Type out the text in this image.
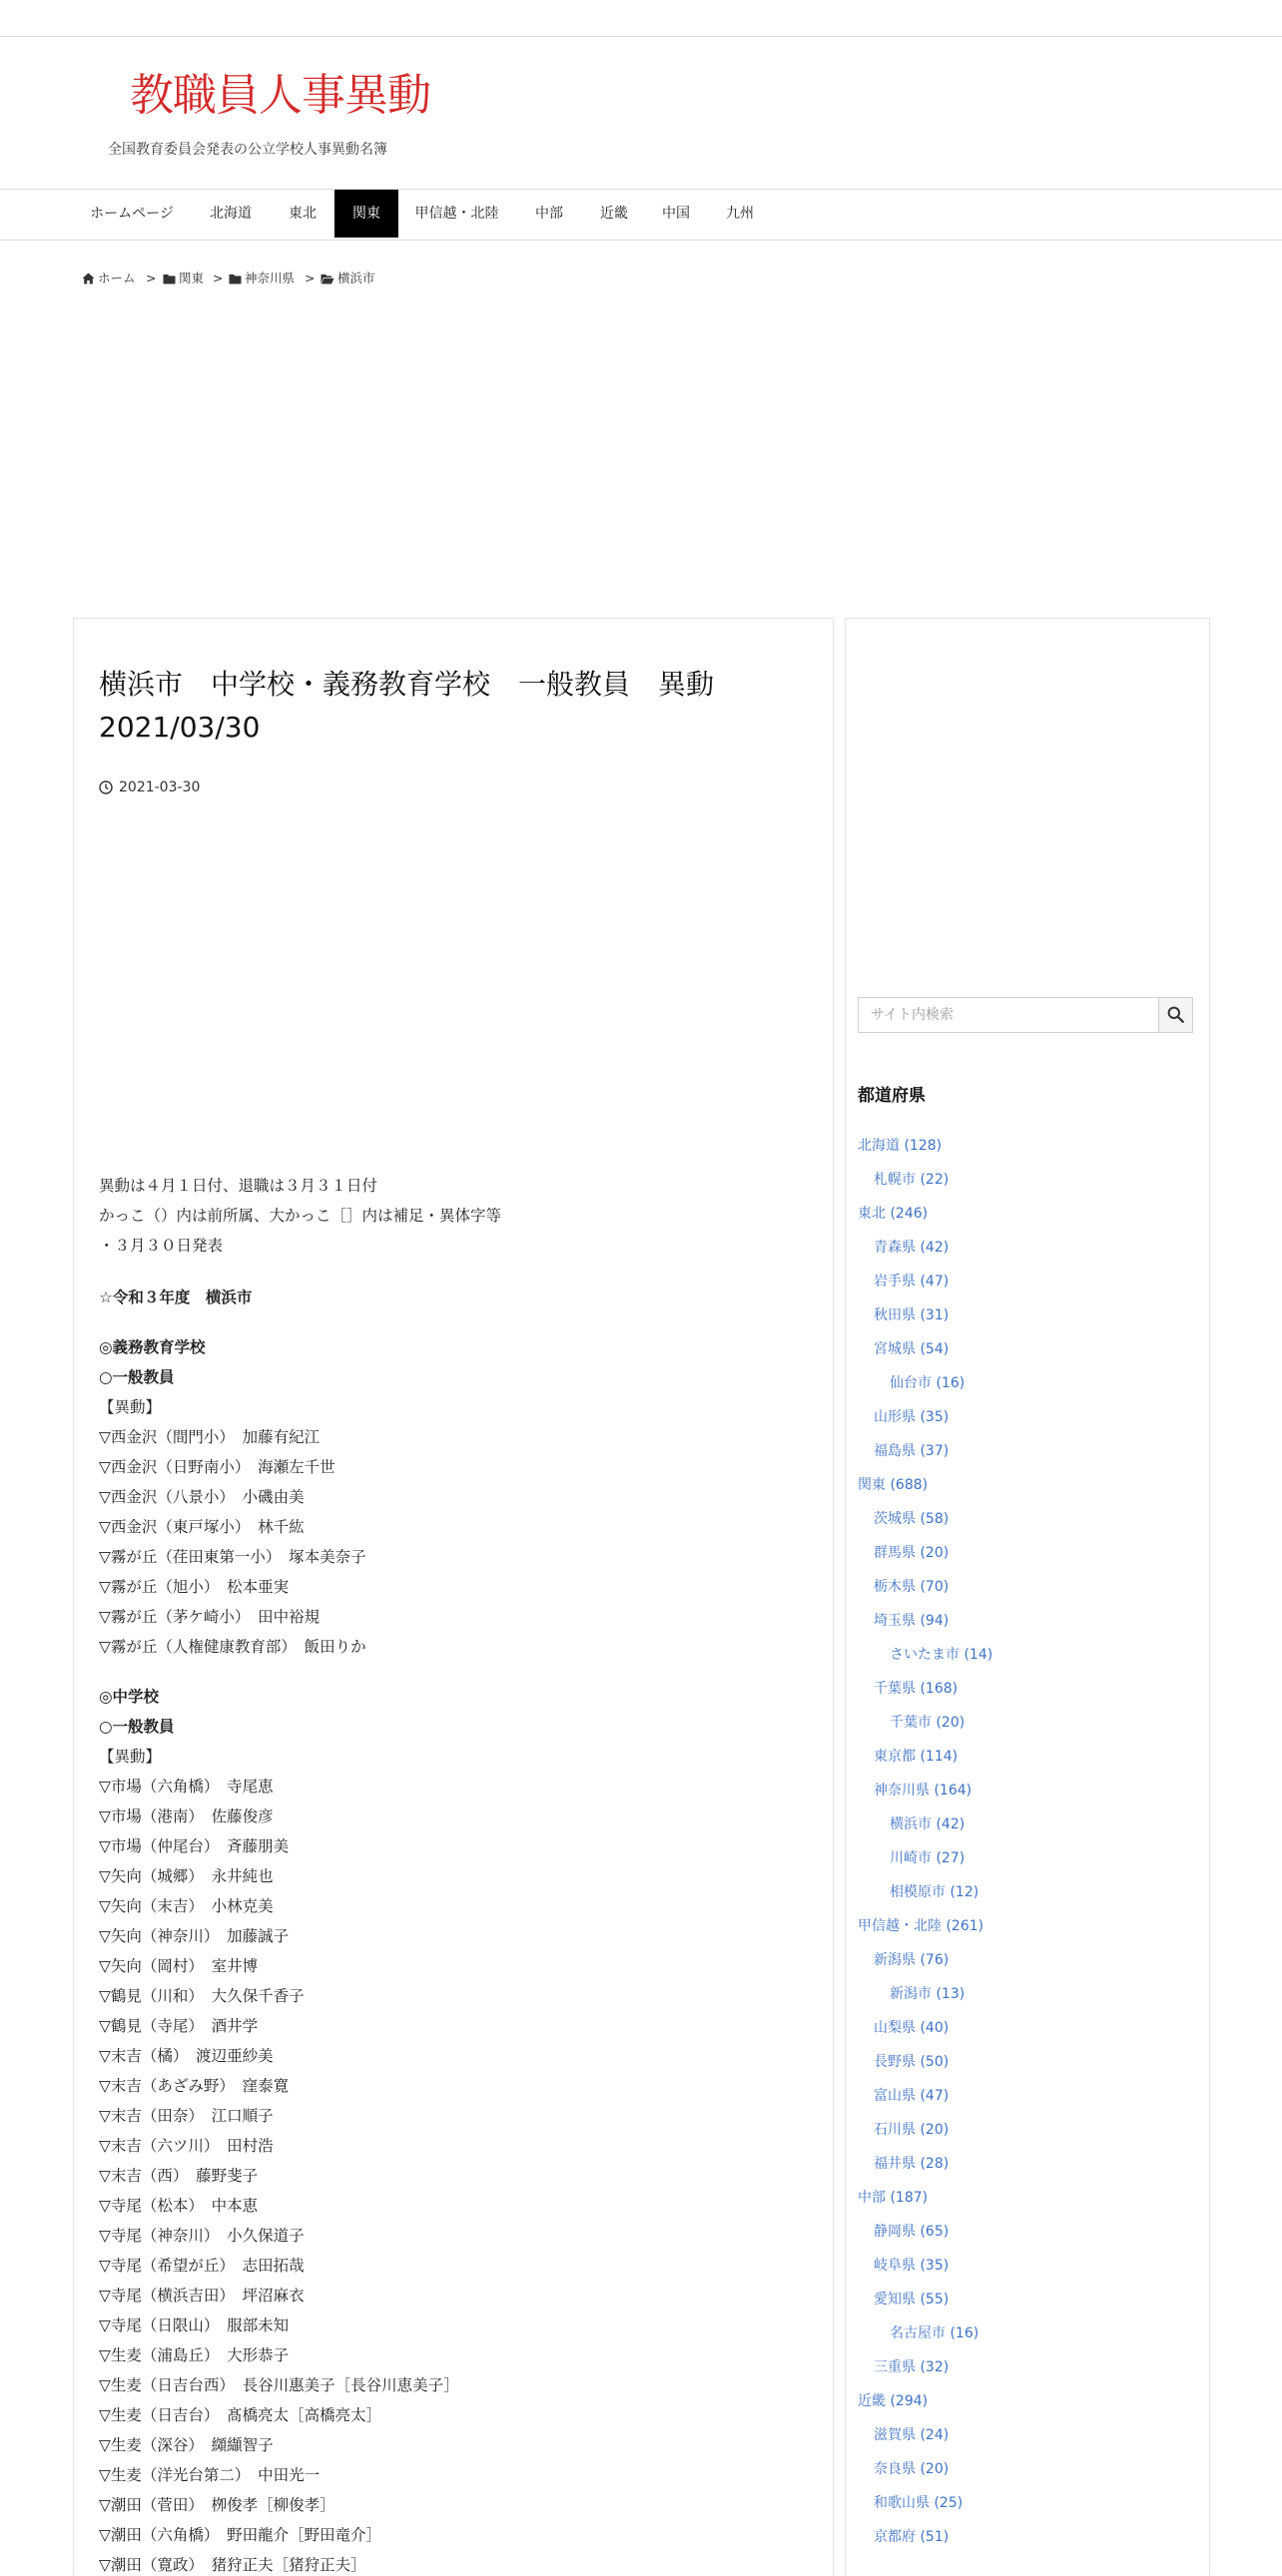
教職員人事異動
全国教育委員会発表の公立学校人事異動名簿
ホームページ	北海道	東北	関東	甲信越・北陸	中部	近畿	中国	九州
ホーム >	関東 >	神奈川県 >	横浜市
横浜市　中学校・義務教育学校　一般教員　異動
2021/03/30
2021-03-30
異動は４月１日付、退職は３月３１日付
かっこ（）内は前所属、大かっこ［］内は補足・異体字等
・３月３０日発表
☆令和３年度　横浜市
◎義務教育学校
○一般教員
【異動】
▽西金沢（間門小）　加藤有紀江
▽西金沢（日野南小）　海瀬左千世
▽西金沢（八景小）　小磯由美
▽西金沢（東戸塚小）　林千紘
▽霧が丘（荏田東第一小）　塚本美奈子
▽霧が丘（旭小）　松本亜実
▽霧が丘（茅ケ崎小）　田中裕規
▽霧が丘（人権健康教育部）　飯田りか
◎中学校
○一般教員
【異動】
▽市場（六角橋）　寺尾恵
▽市場（港南）　佐藤俊彦
▽市場（仲尾台）　斉藤朋美
▽矢向（城郷）　永井純也
▽矢向（末吉）　小林克美
▽矢向（神奈川）　加藤誠子
▽矢向（岡村）　室井博
▽鶴見（川和）　大久保千香子
▽鶴見（寺尾）　酒井学
▽末吉（橘）　渡辺亜紗美
▽末吉（あざみ野）　窪泰寛
▽末吉（田奈）　江口順子
▽末吉（六ツ川）　田村浩
▽末吉（西）　藤野斐子
▽寺尾（松本）　中本恵
▽寺尾（神奈川）　小久保道子
▽寺尾（希望が丘）　志田拓哉
▽寺尾（横浜吉田）　坪沼麻衣
▽寺尾（日限山）　服部未知
▽生麦（浦島丘）　大形恭子
▽生麦（日吉台西）　長谷川惠美子［長谷川恵美子］
▽生麦（日吉台）　髙橋亮太［高橋亮太］
▽生麦（深谷）　纐纈智子
▽生麦（洋光台第二）　中田光一
▽潮田（菅田）　栁俊孝［柳俊孝］
▽潮田（六角橋）　野田龍介［野田竜介］
▽潮田（寛政）　猪狩正夫［猪狩正夫］
サイト内検索
都道府県
北海道 (128)
札幌市 (22)
東北 (246)
青森県 (42)
岩手県 (47)
秋田県 (31)
宮城県 (54)
仙台市 (16)
山形県 (35)
福島県 (37)
関東 (688)
茨城県 (58)
群馬県 (20)
栃木県 (70)
埼玉県 (94)
さいたま市 (14)
千葉県 (168)
千葉市 (20)
東京都 (114)
神奈川県 (164)
横浜市 (42)
川崎市 (27)
相模原市 (12)
甲信越・北陸 (261)
新潟県 (76)
新潟市 (13)
山梨県 (40)
長野県 (50)
富山県 (47)
石川県 (20)
福井県 (28)
中部 (187)
静岡県 (65)
岐阜県 (35)
愛知県 (55)
名古屋市 (16)
三重県 (32)
近畿 (294)
滋賀県 (24)
奈良県 (20)
和歌山県 (25)
京都府 (51)
